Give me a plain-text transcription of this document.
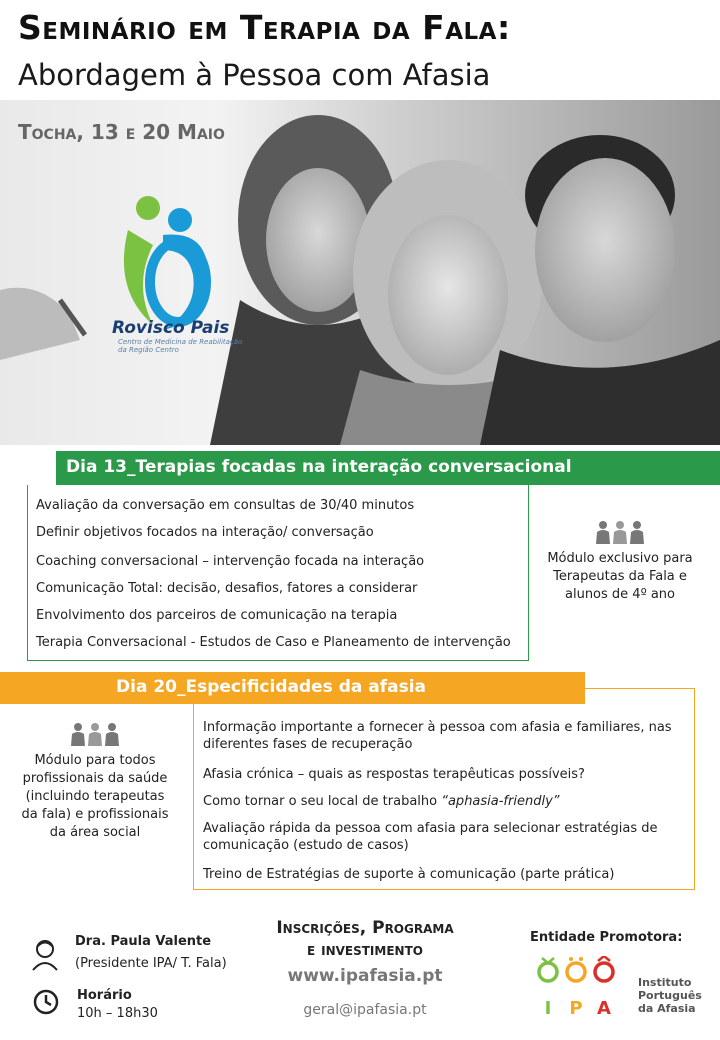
Seminário em Terapia da Fala:
Abordagem à Pessoa com Afasia
Tocha, 13 e 20 Maio
Rovisco Pais
Centro de Medicina de Reabilitação
da Região Centro
Dia 13_Terapias focadas na interação conversacional
Avaliação da conversação em consultas de 30/40 minutos
Definir objetivos focados na interação/ conversação
Coaching conversacional – intervenção focada na interação
Comunicação Total: decisão, desafios, fatores a considerar
Envolvimento dos parceiros de comunicação na terapia
Terapia Conversacional - Estudos de Caso e Planeamento de intervenção
Módulo exclusivo para
Terapeutas da Fala e
alunos de 4º ano
Informação importante a fornecer à pessoa com afasia e familiares, nas diferentes fases de recuperação
Afasia crónica – quais as respostas terapêuticas possíveis?
Como tornar o seu local de trabalho “aphasia-friendly”
Avaliação rápida da pessoa com afasia para selecionar estratégias de comunicação (estudo de casos)
Treino de Estratégias de suporte à comunicação (parte prática)
Dia 20_Especificidades da afasia
Módulo para todos
profissionais da saúde
(incluindo terapeutas
da fala) e profissionais
da área social
Dra. Paula Valente
(Presidente IPA/ T. Fala)
Horário
10h – 18h30
Inscrições, Programa
e investimento
www.ipafasia.pt
geral@ipafasia.pt
Entidade Promotora:
I P A
Instituto
Português
da Afasia
